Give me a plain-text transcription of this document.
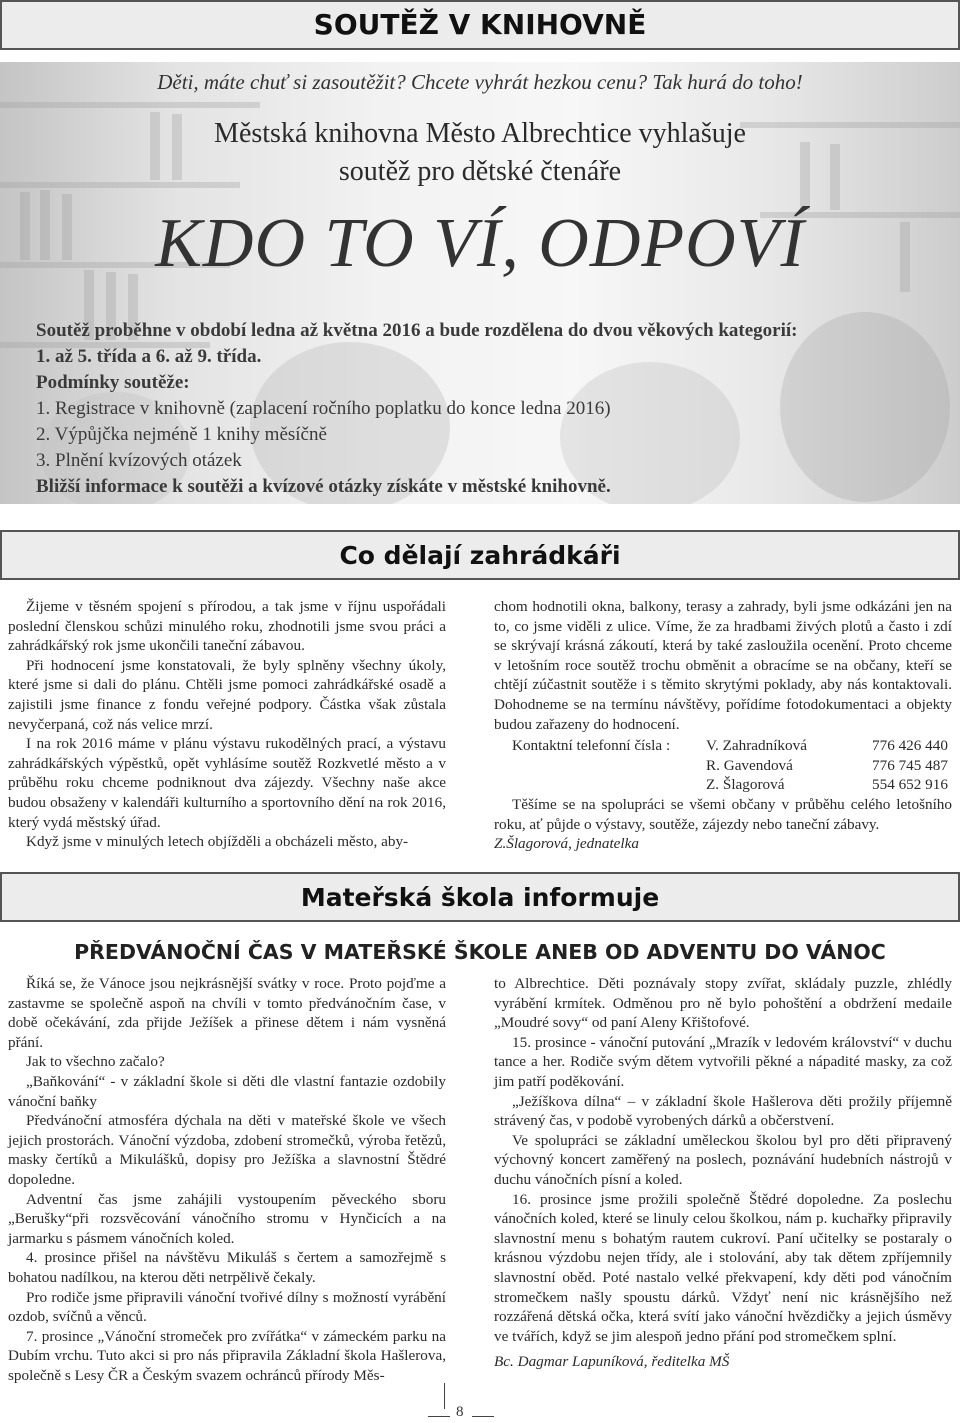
SOUTĚŽ V KNIHOVNĚ
Děti, máte chuť si zasoutěžit? Chcete vyhrát hezkou cenu? Tak hurá do toho!
Městská knihovna Město Albrechtice vyhlašuje
soutěž pro dětské čtenáře
KDO TO VÍ, ODPOVÍ
Soutěž proběhne v období ledna až května 2016 a bude rozdělena do dvou věkových kategorií:
1. až 5. třída a 6. až 9. třída.
Podmínky soutěže:
1. Registrace v knihovně (zaplacení ročního poplatku do konce ledna 2016)
2. Výpůjčka nejméně 1 knihy měsíčně
3. Plnění kvízových otázek
Bližší informace k soutěži a kvízové otázky získáte v městské knihovně.
Co dělají zahrádkáři

Žijeme v těsném spojení s přírodou, a tak jsme v říjnu uspořádali poslední členskou schůzi minulého roku, zhodnotili jsme svou práci a zahrádkářský rok jsme ukončili taneční zábavou.

Při hodnocení jsme konstatovali, že byly splněny všechny úkoly, které jsme si dali do plánu. Chtěli jsme pomoci zahrádkářské osadě a zajistili jsme finance z fondu veřejné podpory. Částka však zůstala nevyčerpaná, což nás velice mrzí.

I na rok 2016 máme v plánu výstavu rukodělných prací, a výstavu zahrádkářských výpěstků, opět vyhlásíme soutěž Rozkvetlé město a v průběhu roku chceme podniknout dva zájezdy. Všechny naše akce budou obsaženy v kalendáři kulturního a sportovního dění na rok 2016, který vydá městský úřad.

Když jsme v minulých letech objížděli a obcházeli město, aby-

chom hodnotili okna, balkony, terasy a zahrady, byli jsme odkázáni jen na to, co jsme viděli z ulice. Víme, že za hradbami živých plotů a často i zdí se skrývají krásná zákoutí, která by také zasloužila ocenění. Proto chceme v letošním roce soutěž trochu obměnit a obracíme se na občany, kteří se chtějí zúčastnit soutěže i s těmito skrytými poklady, aby nás kontaktovali. Dohodneme se na termínu návštěvy, pořídíme fotodokumentaci a objekty budou zařazeny do hodnocení.

Kontaktní telefonní čísla :	V. Zahradníková	776 426 440
R. Gavendová	776 745 487
Z. Šlagorová	554 652 916

Těšíme se na spolupráci se všemi občany v průběhu celého letošního roku, ať půjde o výstavy, soutěže, zájezdy nebo taneční zábavy.

Z.Šlagorová, jednatelka

Mateřská škola informuje
PŘEDVÁNOČNÍ ČAS V MATEŘSKÉ ŠKOLE ANEB OD ADVENTU DO VÁNOC

Říká se, že Vánoce jsou nejkrásnější svátky v roce. Proto pojďme a zastavme se společně aspoň na chvíli v tomto předvánočním čase, v době očekávání, zda přijde Ježíšek a přinese dětem i nám vysněná přání.

Jak to všechno začalo?

„Baňkování“ - v základní škole si děti dle vlastní fantazie ozdobily vánoční baňky

Předvánoční atmosféra dýchala na děti v mateřské škole ve všech jejich prostorách. Vánoční výzdoba, zdobení stromečků, výroba řetězů, masky čertíků a Mikulášků, dopisy pro Ježíška a slavnostní Štědré dopoledne.

Adventní čas jsme zahájili vystoupením pěveckého sboru „Berušky“při rozsvěcování vánočního stromu v Hynčicích a na jarmarku s pásmem vánočních koled.

4. prosince přišel na návštěvu Mikuláš s čertem a samozřejmě s bohatou nadílkou, na kterou děti netrpělivě čekaly.

Pro rodiče jsme připravili vánoční tvořivé dílny s možností vyrábění ozdob, svíčnů a věnců.

7. prosince „Vánoční stromeček pro zvířátka“ v zámeckém parku na Dubím vrchu. Tuto akci si pro nás připravila Základní škola Hašlerova, společně s Lesy ČR a Českým svazem ochránců přírody Měs-

to Albrechtice. Děti poznávaly stopy zvířat, skládaly puzzle, zhlédly vyrábění krmítek. Odměnou pro ně bylo pohoštění a obdržení medaile „Moudré sovy“ od paní Aleny Křištofové.

15. prosince - vánoční putování „Mrazík v ledovém království“ v duchu tance a her. Rodiče svým dětem vytvořili pěkné a nápadité masky, za což jim patří poděkování.

„Ježíškova dílna“ – v základní škole Hašlerova děti prožily příjemně strávený čas, v podobě vyrobených dárků a občerstvení.

Ve spolupráci se základní uměleckou školou byl pro děti připravený výchovný koncert zaměřený na poslech, poznávání hudebních nástrojů v duchu vánočních písní a koled.

16. prosince jsme prožili společně Štědré dopoledne. Za poslechu vánočních koled, které se linuly celou školkou, nám p. kuchařky připravily slavnostní menu s bohatým rautem cukroví. Paní učitelky se postaraly o krásnou výzdobu nejen třídy, ale i stolování, aby tak dětem zpříjemnily slavnostní oběd. Poté nastalo velké překvapení, kdy děti pod vánočním stromečkem našly spoustu dárků. Vždyť není nic krásnějšího než rozzářená dětská očka, která svítí jako vánoční hvězdičky a jejich úsměvy ve tvářích, když se jim alespoň jedno přání pod stromečkem splní.

Bc. Dagmar Lapuníková, ředitelka MŠ

8
